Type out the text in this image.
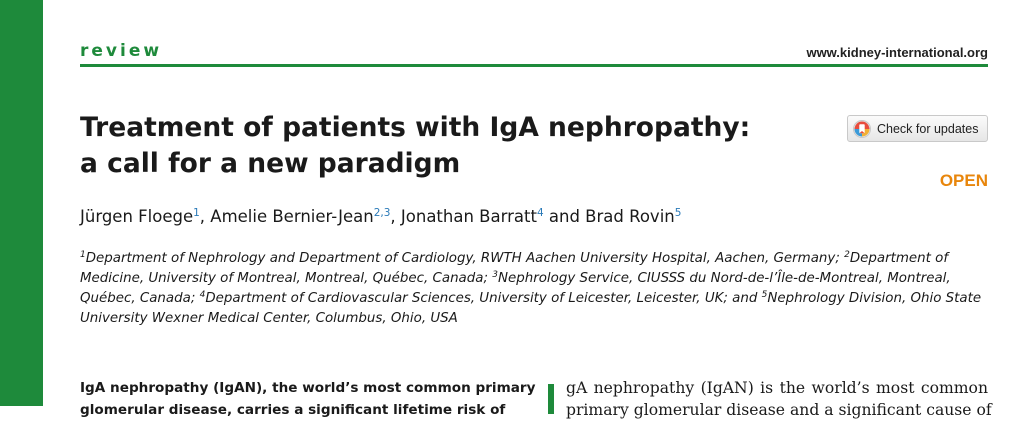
review	www.kidney-international.org
Treatment of patients with IgA nephropathy:
a call for a new paradigm
Check for updates
OPEN
Jürgen Floege$^1$, Amelie Bernier-Jean$^{2,3}$, Jonathan Barratt$^4$ and Brad Rovin$^5$
$^1$Department of Nephrology and Department of Cardiology, RWTH Aachen University Hospital, Aachen, Germany; $^2$Department of
Medicine, University of Montreal, Montreal, Québec, Canada; $^3$Nephrology Service, CIUSSS du Nord-de-l’Île-de-Montreal, Montreal,
Québec, Canada; $^4$Department of Cardiovascular Sciences, University of Leicester, Leicester, UK; and $^5$Nephrology Division, Ohio State
University Wexner Medical Center, Columbus, Ohio, USA
IgA nephropathy (IgAN), the world’s most common primary
glomerular disease, carries a significant lifetime risk of
gA nephropathy (IgAN) is the world’s most common
primary glomerular disease and a significant cause of
